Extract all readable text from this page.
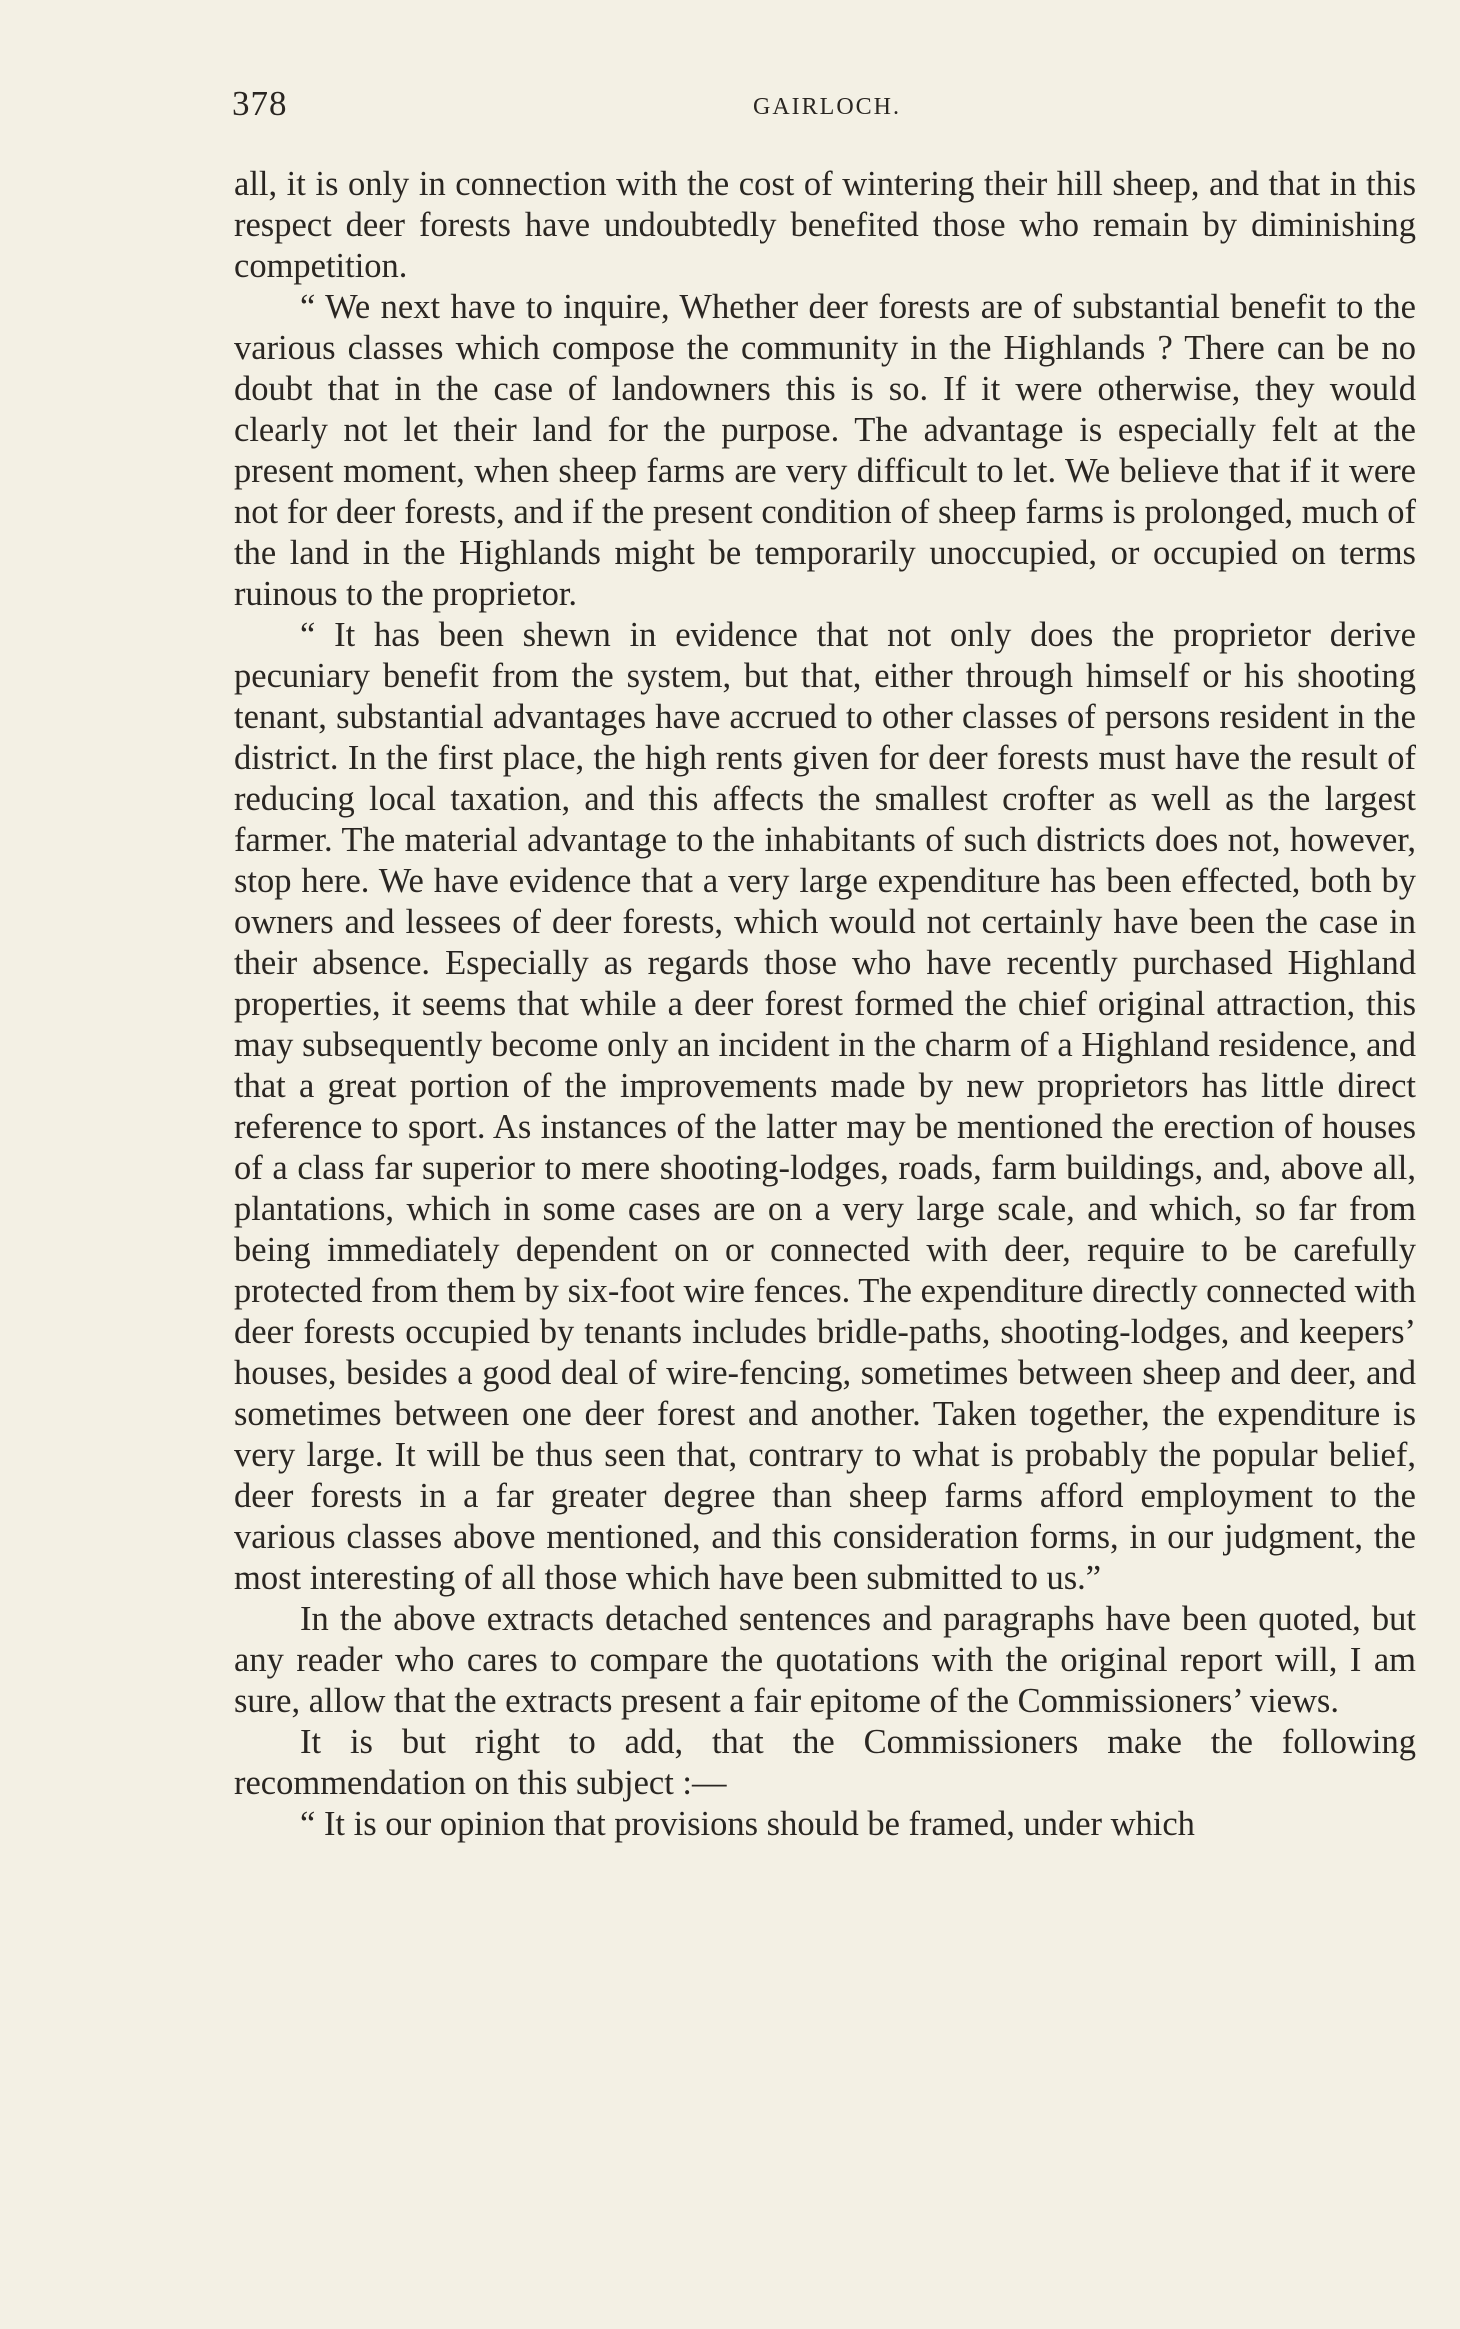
378	GAIRLOCH.

all, it is only in connection with the cost of wintering their hill sheep, and that in this respect deer forests have undoubtedly benefited those who remain by diminishing competition.

“ We next have to inquire, Whether deer forests are of substantial benefit to the various classes which compose the community in the Highlands ? There can be no doubt that in the case of landowners this is so. If it were otherwise, they would clearly not let their land for the purpose. The advantage is especially felt at the present moment, when sheep farms are very difficult to let. We believe that if it were not for deer forests, and if the present condition of sheep farms is prolonged, much of the land in the Highlands might be temporarily unoccupied, or occupied on terms ruinous to the proprietor.

“ It has been shewn in evidence that not only does the proprietor derive pecuniary benefit from the system, but that, either through himself or his shooting tenant, substantial advantages have accrued to other classes of persons resident in the district. In the first place, the high rents given for deer forests must have the result of reducing local taxation, and this affects the smallest crofter as well as the largest farmer. The material advantage to the inhabitants of such districts does not, however, stop here. We have evidence that a very large expenditure has been effected, both by owners and lessees of deer forests, which would not certainly have been the case in their absence. Especially as regards those who have recently purchased Highland properties, it seems that while a deer forest formed the chief original attraction, this may subsequently become only an incident in the charm of a Highland residence, and that a great portion of the improvements made by new proprietors has little direct reference to sport. As instances of the latter may be mentioned the erection of houses of a class far superior to mere shooting-lodges, roads, farm buildings, and, above all, plantations, which in some cases are on a very large scale, and which, so far from being immediately dependent on or connected with deer, require to be carefully protected from them by six-foot wire fences. The expenditure directly connected with deer forests occupied by tenants includes bridle-paths, shooting-lodges, and keepers’ houses, besides a good deal of wire-fencing, sometimes between sheep and deer, and sometimes between one deer forest and another. Taken together, the expenditure is very large. It will be thus seen that, contrary to what is probably the popular belief, deer forests in a far greater degree than sheep farms afford employment to the various classes above mentioned, and this consideration forms, in our judgment, the most interesting of all those which have been submitted to us.”

In the above extracts detached sentences and paragraphs have been quoted, but any reader who cares to compare the quotations with the original report will, I am sure, allow that the extracts present a fair epitome of the Commissioners’ views.

It is but right to add, that the Commissioners make the following recommendation on this subject :—

“ It is our opinion that provisions should be framed, under which
